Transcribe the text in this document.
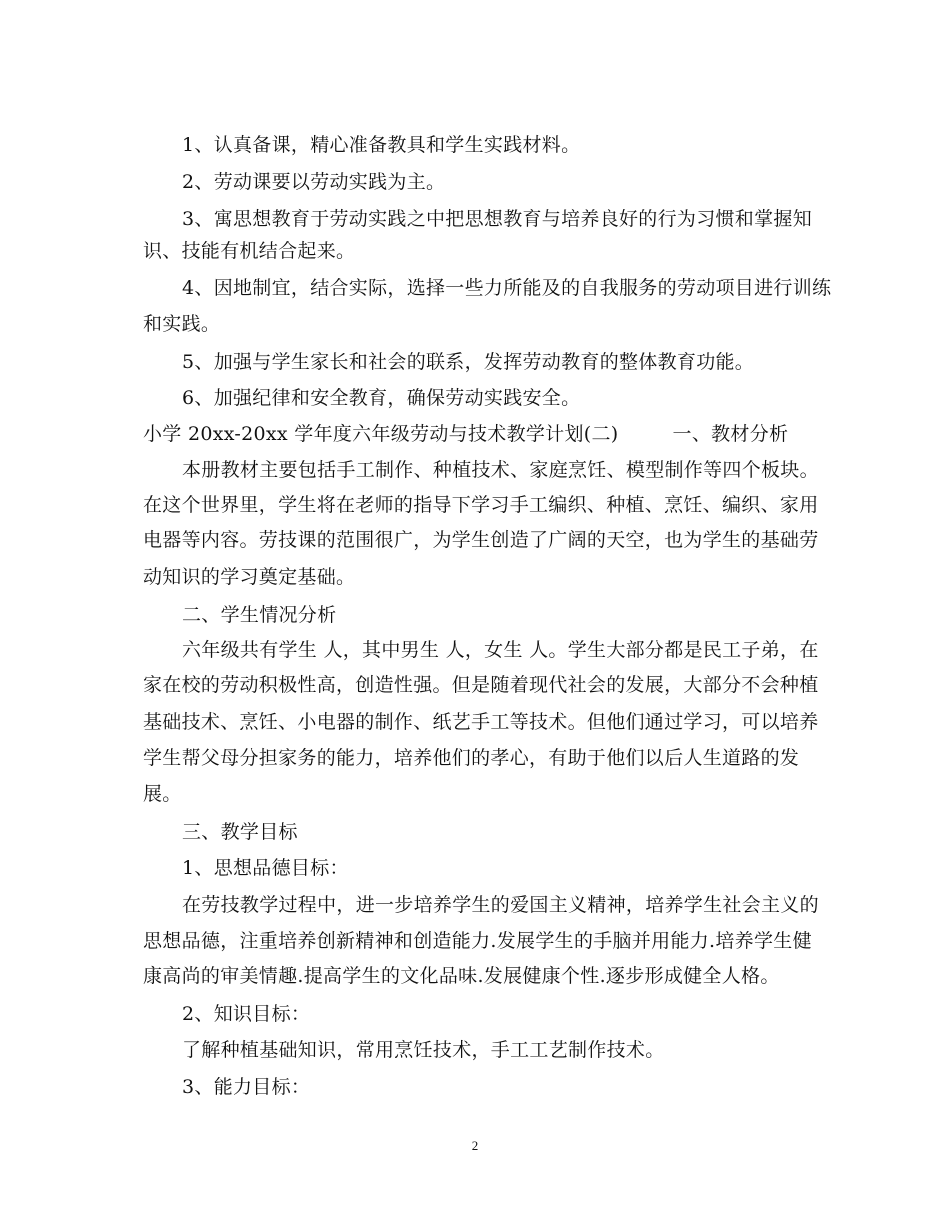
1、认真备课，精心准备教具和学生实践材料。
2、劳动课要以劳动实践为主。
3、寓思想教育于劳动实践之中把思想教育与培养良好的行为习惯和掌握知
识、技能有机结合起来。
4、因地制宜，结合实际，选择一些力所能及的自我服务的劳动项目进行训练
和实践。
5、加强与学生家长和社会的联系，发挥劳动教育的整体教育功能。
6、加强纪律和安全教育，确保劳动实践安全。
小学 20xx-20xx 学年度六年级劳动与技术教学计划(二)	一、教材分析
本册教材主要包括手工制作、种植技术、家庭烹饪、模型制作等四个板块。
在这个世界里，学生将在老师的指导下学习手工编织、种植、烹饪、编织、家用
电器等内容。劳技课的范围很广，为学生创造了广阔的天空，也为学生的基础劳
动知识的学习奠定基础。
二、学生情况分析
六年级共有学生 人，其中男生 人，女生 人。学生大部分都是民工子弟，在
家在校的劳动积极性高，创造性强。但是随着现代社会的发展，大部分不会种植
基础技术、烹饪、小电器的制作、纸艺手工等技术。但他们通过学习，可以培养
学生帮父母分担家务的能力，培养他们的孝心，有助于他们以后人生道路的发
展。
三、教学目标
1、思想品德目标：
在劳技教学过程中，进一步培养学生的爱国主义精神，培养学生社会主义的
思想品德，注重培养创新精神和创造能力.发展学生的手脑并用能力.培养学生健
康高尚的审美情趣.提高学生的文化品味.发展健康个性.逐步形成健全人格。
2、知识目标：
了解种植基础知识，常用烹饪技术，手工工艺制作技术。
3、能力目标：
2
